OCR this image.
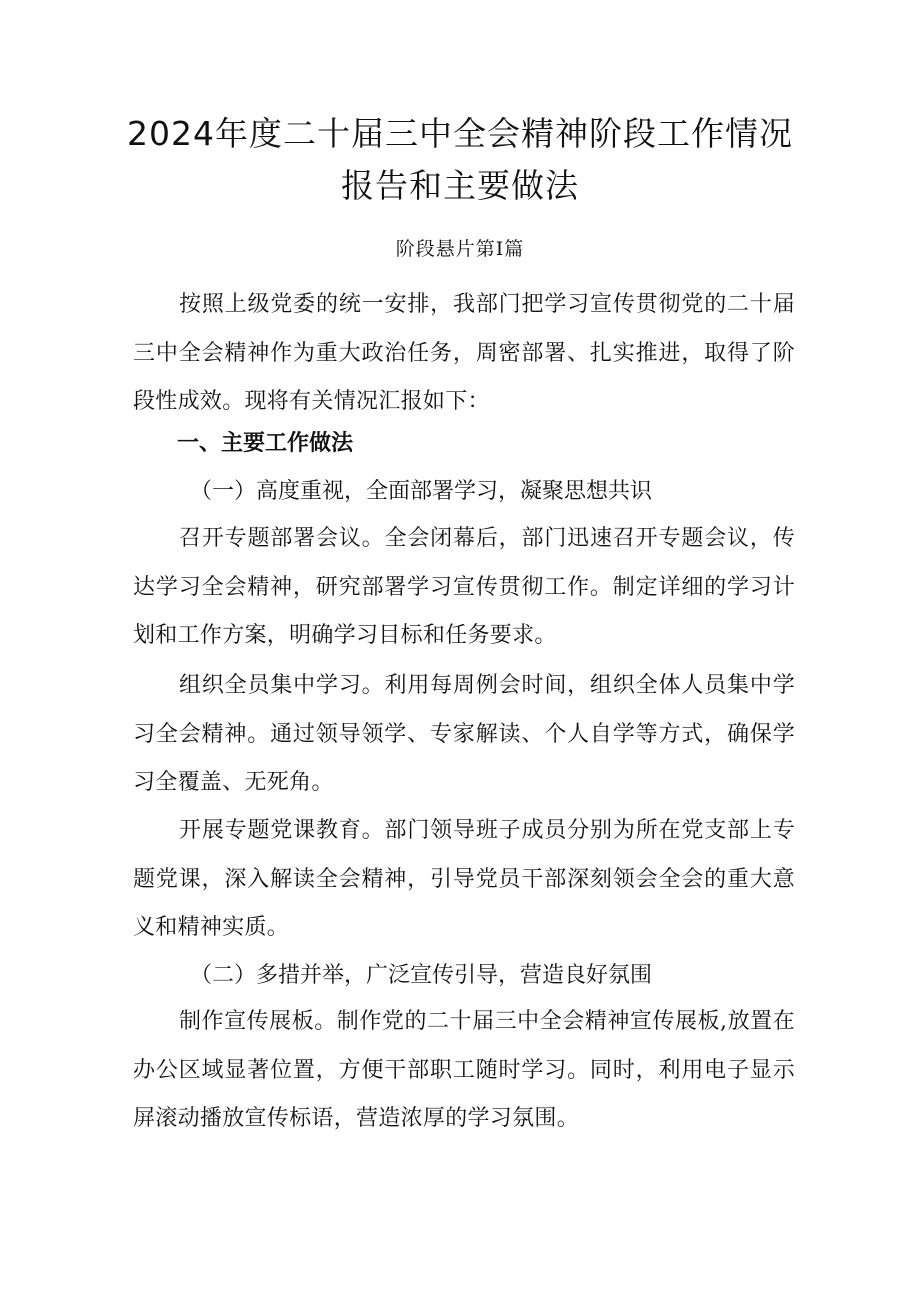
2024年度二十届三中全会精神阶段工作情况报告和主要做法

阶段悬片第Ⅰ篇

按照上级党委的统一安排，我部门把学习宣传贯彻党的二十届三中全会精神作为重大政治任务，周密部署、扎实推进，取得了阶段性成效。现将有关情况汇报如下：

一、主要工作做法

（一）高度重视，全面部署学习，凝聚思想共识

召开专题部署会议。全会闭幕后，部门迅速召开专题会议，传达学习全会精神，研究部署学习宣传贯彻工作。制定详细的学习计划和工作方案，明确学习目标和任务要求。

组织全员集中学习。利用每周例会时间，组织全体人员集中学习全会精神。通过领导领学、专家解读、个人自学等方式，确保学习全覆盖、无死角。

开展专题党课教育。部门领导班子成员分别为所在党支部上专题党课，深入解读全会精神，引导党员干部深刻领会全会的重大意义和精神实质。

（二）多措并举，广泛宣传引导，营造良好氛围

制作宣传展板。制作党的二十届三中全会精神宣传展板,放置在办公区域显著位置，方便干部职工随时学习。同时，利用电子显示屏滚动播放宣传标语，营造浓厚的学习氛围。
